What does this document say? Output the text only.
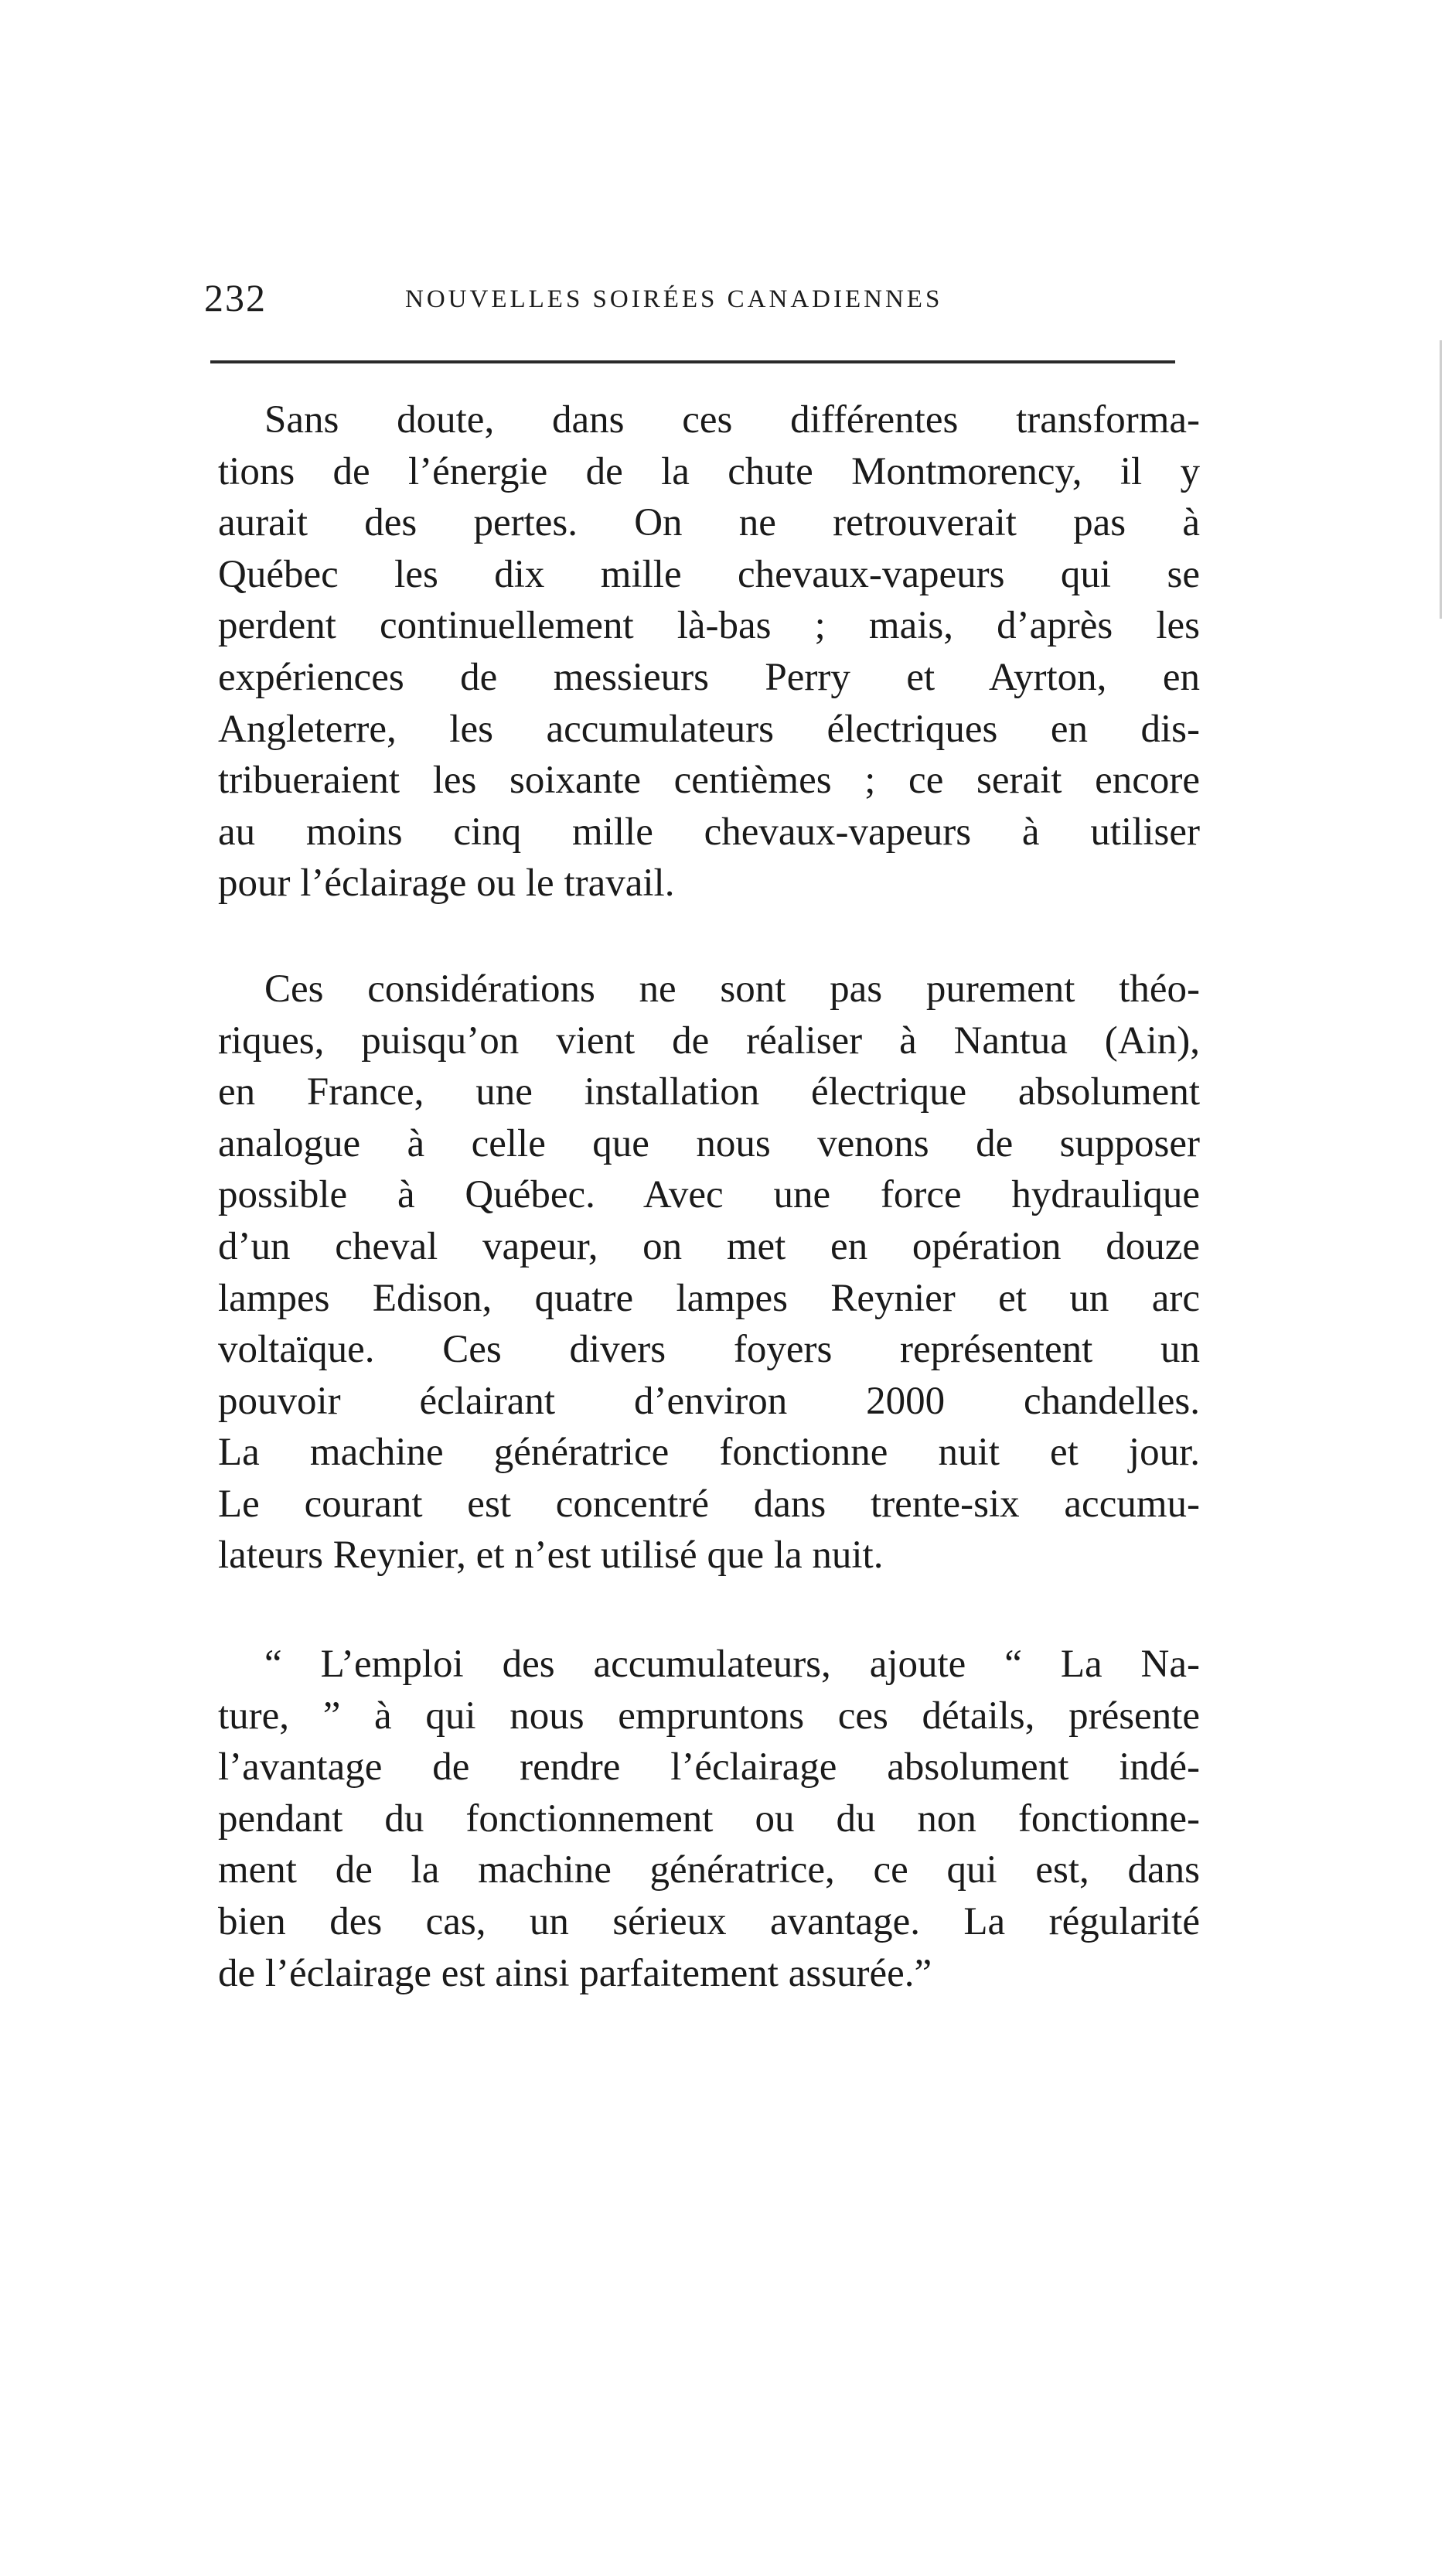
232	NOUVELLES SOIRÉES CANADIENNES
Sans doute, dans ces différentes transforma-
tions de l’énergie de la chute Montmorency, il y
aurait des pertes. On ne retrouverait pas à
Québec les dix mille chevaux-vapeurs qui se
perdent continuellement là-bas ; mais, d’après les
expériences de messieurs Perry et Ayrton, en
Angleterre, les accumulateurs électriques en dis-
tribueraient les soixante centièmes ; ce serait encore
au moins cinq mille chevaux-vapeurs à utiliser
pour l’éclairage ou le travail.
Ces considérations ne sont pas purement théo-
riques, puisqu’on vient de réaliser à Nantua (Ain),
en France, une installation électrique absolument
analogue à celle que nous venons de supposer
possible à Québec. Avec une force hydraulique
d’un cheval vapeur, on met en opération douze
lampes Edison, quatre lampes Reynier et un arc
voltaïque. Ces divers foyers représentent un
pouvoir éclairant d’environ 2000 chandelles.
La machine génératrice fonctionne nuit et jour.
Le courant est concentré dans trente-six accumu-
lateurs Reynier, et n’est utilisé que la nuit.
“ L’emploi des accumulateurs, ajoute “ La Na-
ture, ” à qui nous empruntons ces détails, présente
l’avantage de rendre l’éclairage absolument indé-
pendant du fonctionnement ou du non fonctionne-
ment de la machine génératrice, ce qui est, dans
bien des cas, un sérieux avantage. La régularité
de l’éclairage est ainsi parfaitement assurée.”
